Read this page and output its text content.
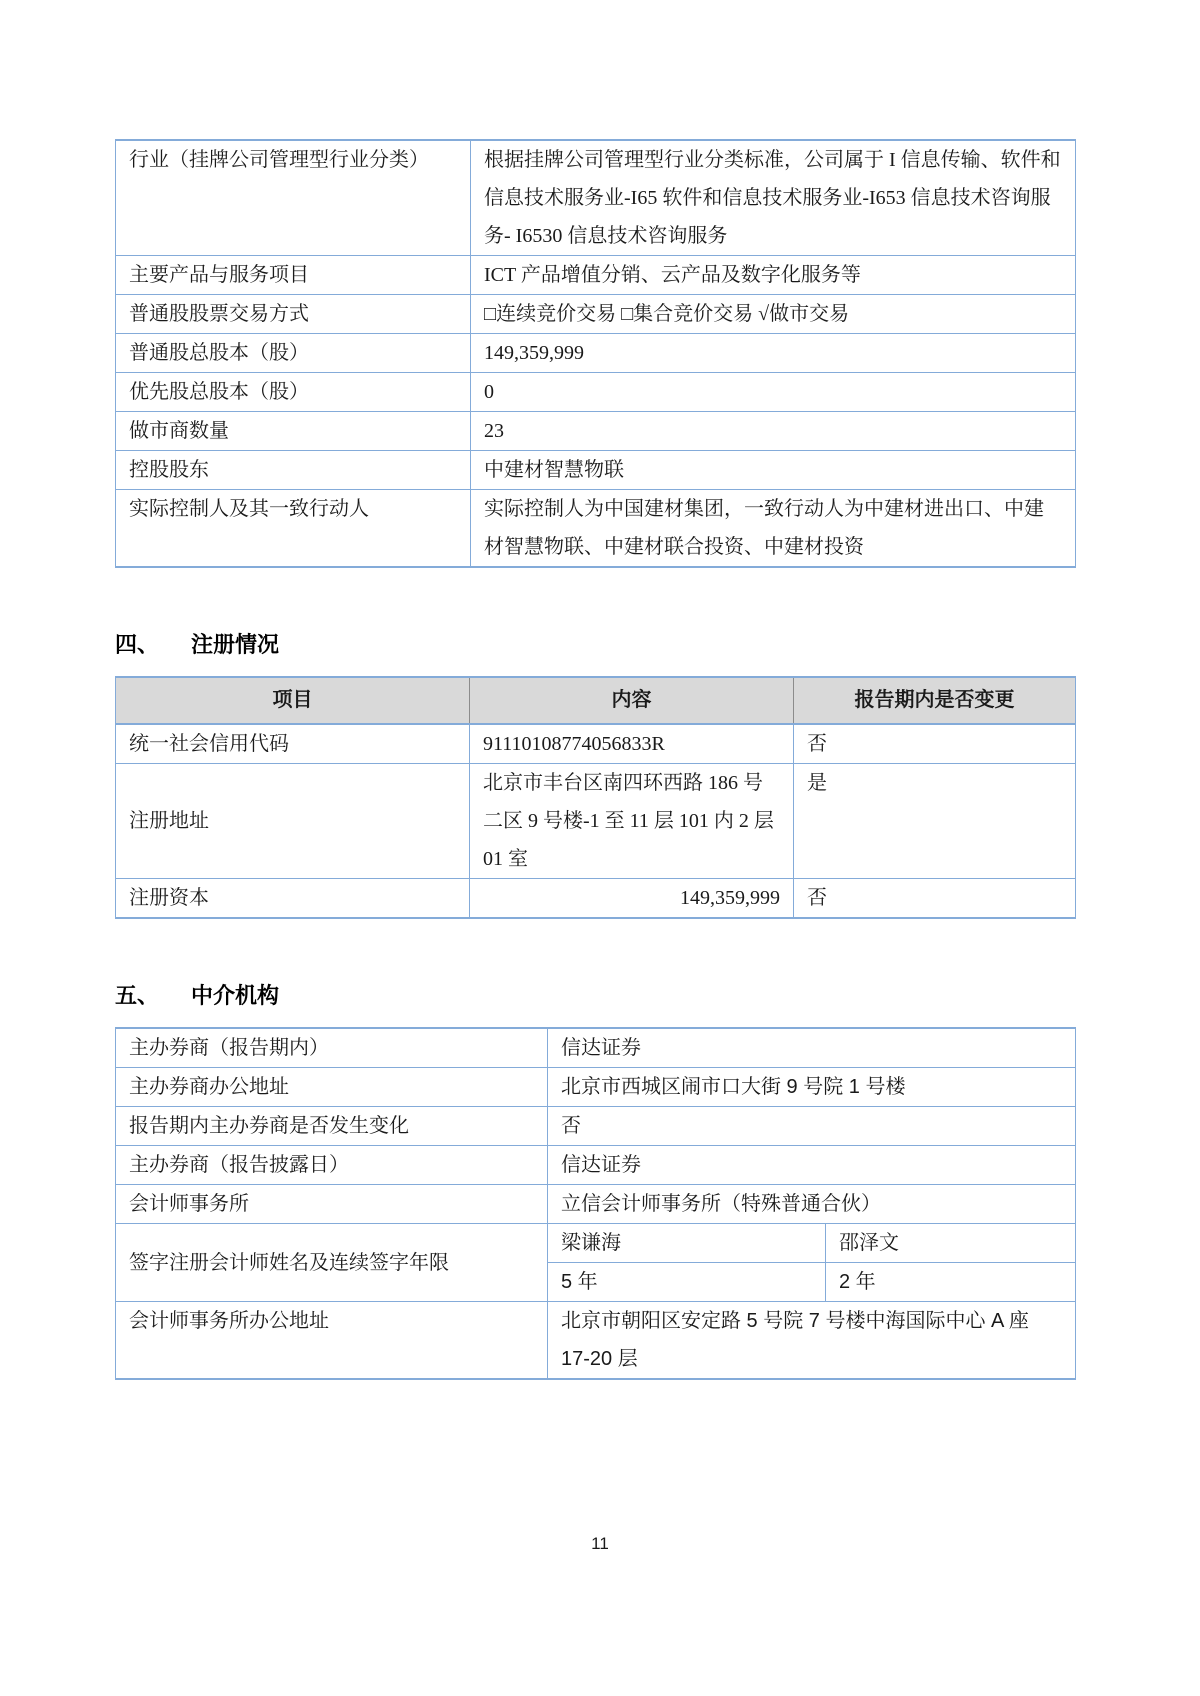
行业（挂牌公司管理型行业分类）	根据挂牌公司管理型行业分类标准，公司属于 I 信息传输、软件和信息技术服务业-I65 软件和信息技术服务业-I653 信息技术咨询服务- I6530 信息技术咨询服务
主要产品与服务项目	ICT 产品增值分销、云产品及数字化服务等
普通股股票交易方式	□连续竞价交易 □集合竞价交易 √做市交易
普通股总股本（股）	149,359,999
优先股总股本（股）	0
做市商数量	23
控股股东	中建材智慧物联
实际控制人及其一致行动人	实际控制人为中国建材集团，一致行动人为中建材进出口、中建材智慧物联、中建材联合投资、中建材投资
四、 注册情况
项目	内容	报告期内是否变更
统一社会信用代码	91110108774056833R	否
注册地址	北京市丰台区南四环西路 186 号二区 9 号楼-1 至 11 层 101 内 2 层 01 室	是
注册资本	149,359,999	否
五、 中介机构
主办券商（报告期内）	信达证券	
主办券商办公地址	北京市西城区闹市口大街 9 号院 1 号楼	
报告期内主办券商是否发生变化	否	
主办券商（报告披露日）	信达证券	
会计师事务所	立信会计师事务所（特殊普通合伙）	
签字注册会计师姓名及连续签字年限	梁谦海	邵泽文
	5 年	2 年
会计师事务所办公地址	北京市朝阳区安定路 5 号院 7 号楼中海国际中心 A 座 17-20 层	
11
